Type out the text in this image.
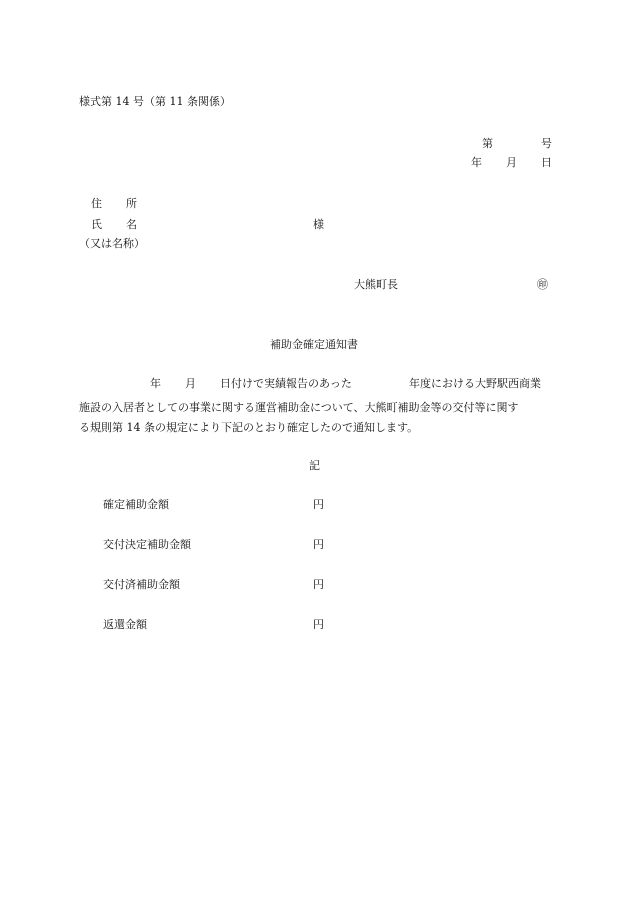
様式第 14 号（第 11 条関係）
第	号
年 月 日
住 所
氏 名	様
（又は名称）
大熊町長	㊞
補助金確定通知書
年 月 日付けで実績報告のあった	年度における大野駅西商業
施設の入居者としての事業に関する運営補助金について、大熊町補助金等の交付等に関す
る規則第 14 条の規定により下記のとおり確定したので通知します。
記
確定補助金額	円
交付決定補助金額	円
交付済補助金額	円
返還金額	円
